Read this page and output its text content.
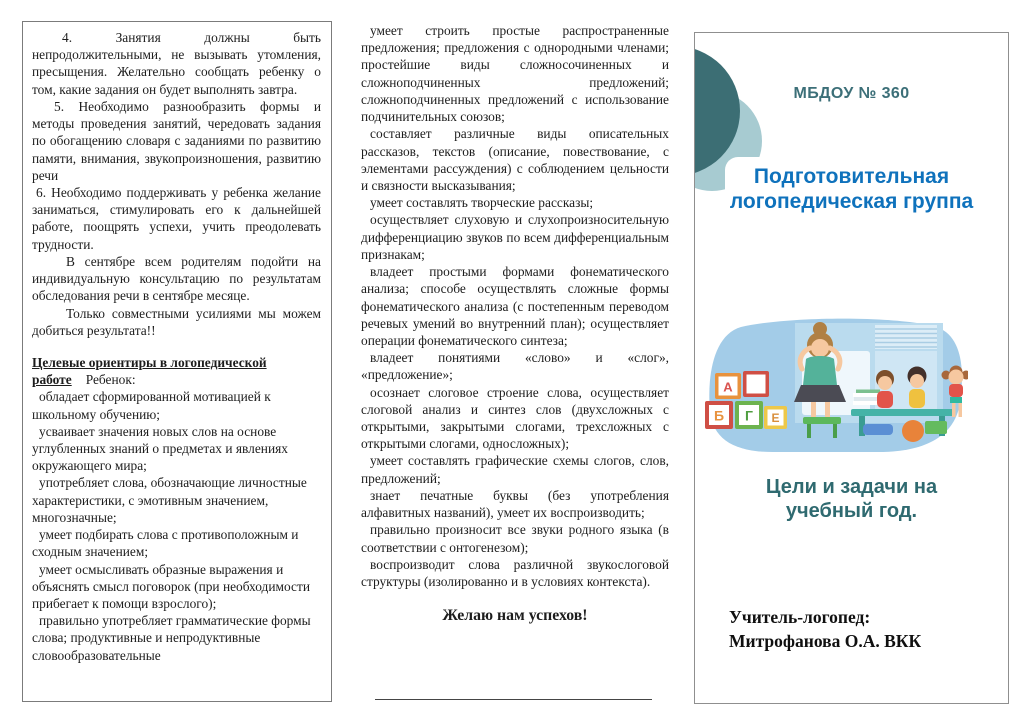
4. Занятия должны быть непродолжительными, не вызывать утомления, пресыщения. Желательно сообщать ребенку о том, какие задания он будет выполнять завтра.

5. Необходимо разнообразить формы и методы проведения занятий, чередовать задания по обогащению словаря с заданиями по развитию памяти, внимания, звукопроизношения, развитию речи

6. Необходимо поддерживать у ребенка желание заниматься, стимулировать его к дальнейшей работе, поощрять успехи, учить преодолевать трудности.

В сентябре всем родителям подойти на индивидуальную консультацию по результатам обследования речи в сентябре месяце.

Только совместными усилиями мы можем добиться результата!!

Целевые ориентиры в логопедической работе Ребенок:

обладает сформированной мотивацией к школьному обучению;

усваивает значения новых слов на основе углубленных знаний о предметах и явлениях окружающего мира;

употребляет слова, обозначающие личностные характеристики, с эмотивным значением, многозначные;

умеет подбирать слова с противоположным и сходным значением;

умеет осмысливать образные выражения и объяснять смысл поговорок (при необходимости прибегает к помощи взрослого);

правильно употребляет грамматические формы слова; продуктивные и непродуктивные словообразовательные

умеет строить простые распространенные предложения; предложения с однородными членами; простейшие виды сложносочиненных и сложноподчиненных предложений; сложноподчиненных предложений с использование подчинительных союзов;

составляет различные виды описательных рассказов, текстов (описание, повествование, с элементами рассуждения) с соблюдением цельности и связности высказывания;

умеет составлять творческие рассказы;

осуществляет слуховую и слухопроизносительную дифференциацию звуков по всем дифференциальным признакам;

владеет простыми формами фонематического анализа; способе осуществлять сложные формы фонематического анализа (с постепенным переводом речевых умений во внутренний план); осуществляет операции фонематического синтеза;

владеет понятиями «слово» и «слог», «предложение»;

осознает слоговое строение слова, осуществляет слоговой анализ и синтез слов (двухсложных с открытыми, закрытыми слогами, трехсложных с открытыми слогами, односложных);

умеет составлять графические схемы слогов, слов, предложений;

знает печатные буквы (без употребления алфавитных названий), умеет их воспроизводить;

правильно произносит все звуки родного языка (в соответствии с онтогенезом);

воспроизводит слова различной звукослоговой структуры (изолированно и в условиях контекста).

Желаю нам успехов!

МБДОУ № 360
Подготовительная логопедическая группа
А
Б Г Е
Цели и задачи на учебный год.
Учитель-логопед:
Митрофанова О.А. ВКК
